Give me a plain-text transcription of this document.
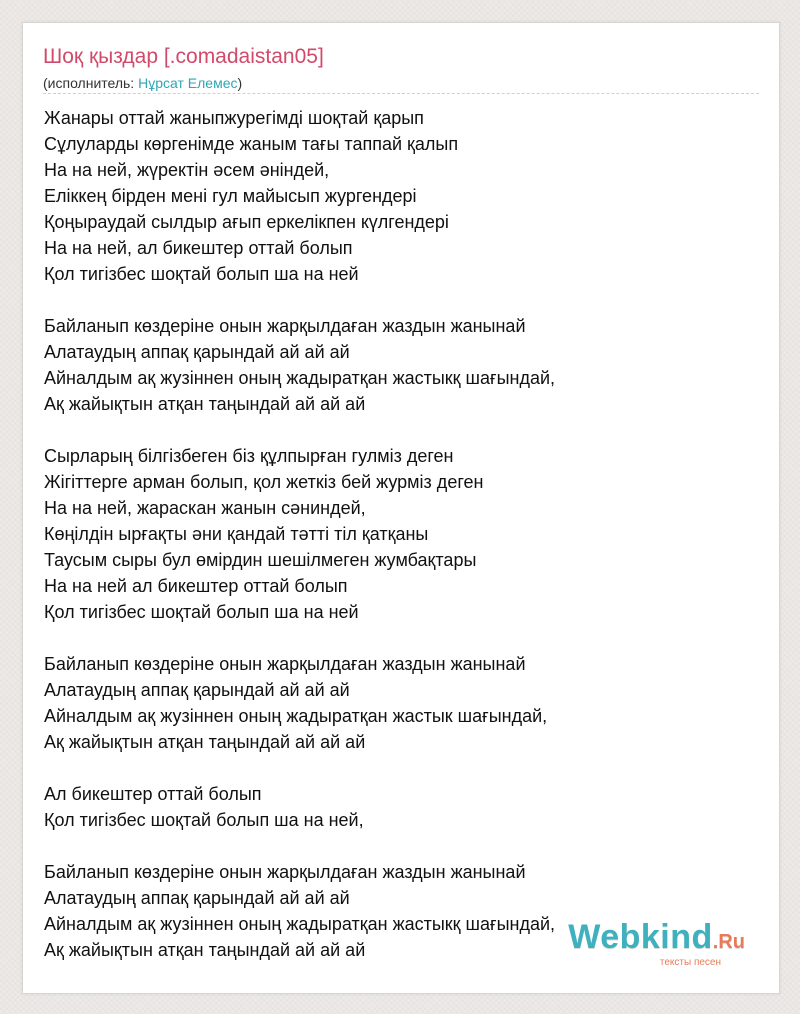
Шоқ қыздар [.comadaistan05]
(исполнитель: Нұрсат Елемес)
Жанары оттай жаныпжурегімді шоқтай қарып
Сұлуларды көргенімде жаным тағы таппай қалып
На на ней, жүректін әсем әніндей,
Еліккең бірден мені гул майысып жургендері
Қоңыраудай сылдыр ағып еркелікпен күлгендері
На на ней, ал бикештер оттай болып
Қол тигізбес шоқтай болып ша на ней
Байланып көздеріне онын жарқылдаған жаздын жанынай
Алатаудың аппақ қарындай ай ай ай
Айналдым ақ жузіннен оның жадыратқан жастыкқ шағындай,
Ақ жайықтын атқан таңындай ай ай ай
Сырларың білгізбеген біз құлпырған гулміз деген
Жігіттерге арман болып, қол жеткіз бей журміз деген
На на ней, жараскан жанын сәниндей,
Көңілдін ырғақты әни қандай тәтті тіл қатқаны
Таусым сыры бул өмірдин шешілмеген жумбақтары
На на ней ал бикештер оттай болып
Қол тигізбес шоқтай болып ша на ней
Байланып көздеріне онын жарқылдаған жаздын жанынай
Алатаудың аппақ қарындай ай ай ай
Айналдым ақ жузіннен оның жадыратқан жастык шағындай,
Ақ жайықтын атқан таңындай ай ай ай
Ал бикештер оттай болып
Қол тигізбес шоқтай болып ша на ней,
Байланып көздеріне онын жарқылдаған жаздын жанынай
Алатаудың аппақ қарындай ай ай ай
Айналдым ақ жузіннен оның жадыратқан жастыкқ шағындай,
Ақ жайықтын атқан таңындай ай ай ай	Webkind.Ru
тексты песен
